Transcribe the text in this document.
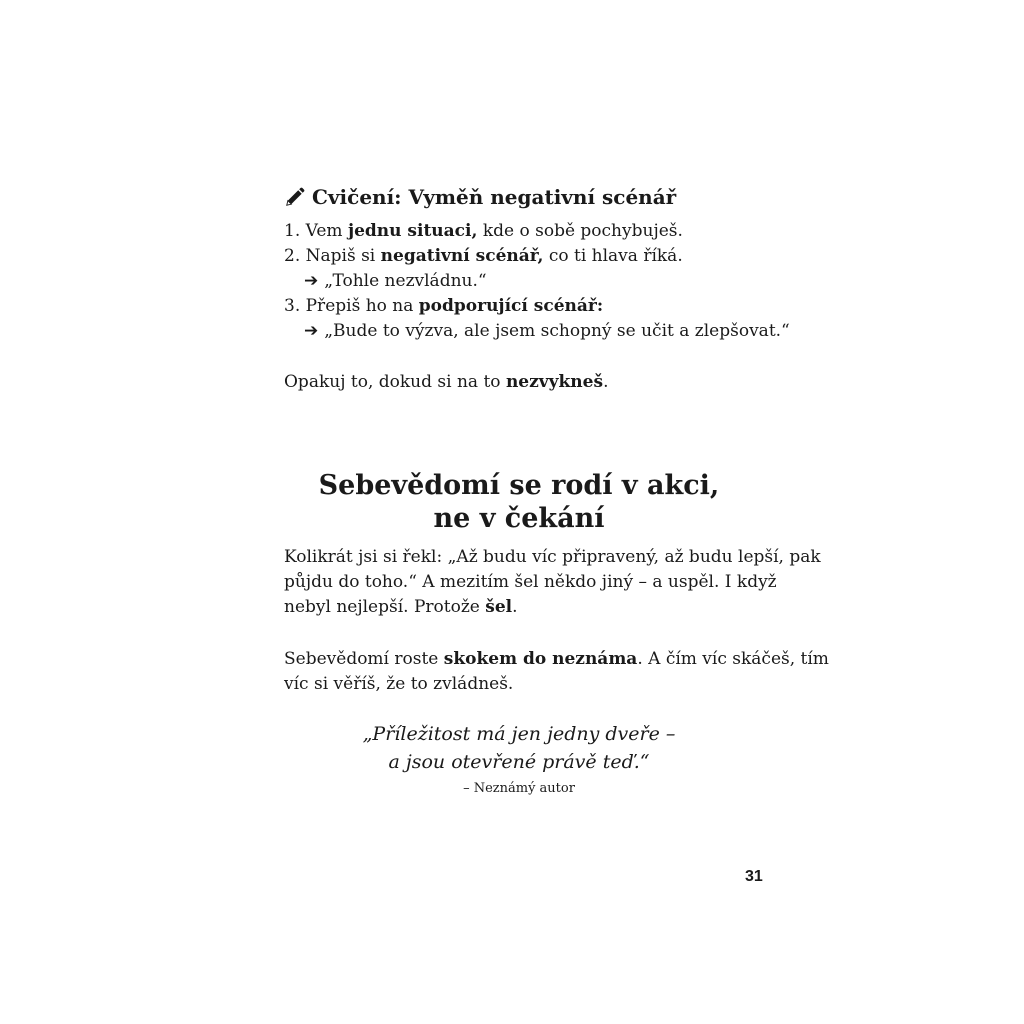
Cvičení: Vyměň negativní scénář
1. Vem jednu situaci, kde o sobě pochybuješ.
2. Napiš si negativní scénář, co ti hlava říká.
➔ „Tohle nezvládnu.“
3. Přepiš ho na podporující scénář:
➔ „Bude to výzva, ale jsem schopný se učit a zlepšovat.“
Opakuj to, dokud si na to nezvykneš.
Sebevědomí se rodí v akci,
ne v čekání
Kolikrát jsi si řekl: „Až budu víc připravený, až budu lepší, pak
půjdu do toho.“ A mezitím šel někdo jiný – a uspěl. I když
nebyl nejlepší. Protože šel.
Sebevědomí roste skokem do neznáma. A čím víc skáčeš, tím
víc si věříš, že to zvládneš.
„Příležitost má jen jedny dveře –
a jsou otevřené právě teď.“
– Neznámý autor
31
